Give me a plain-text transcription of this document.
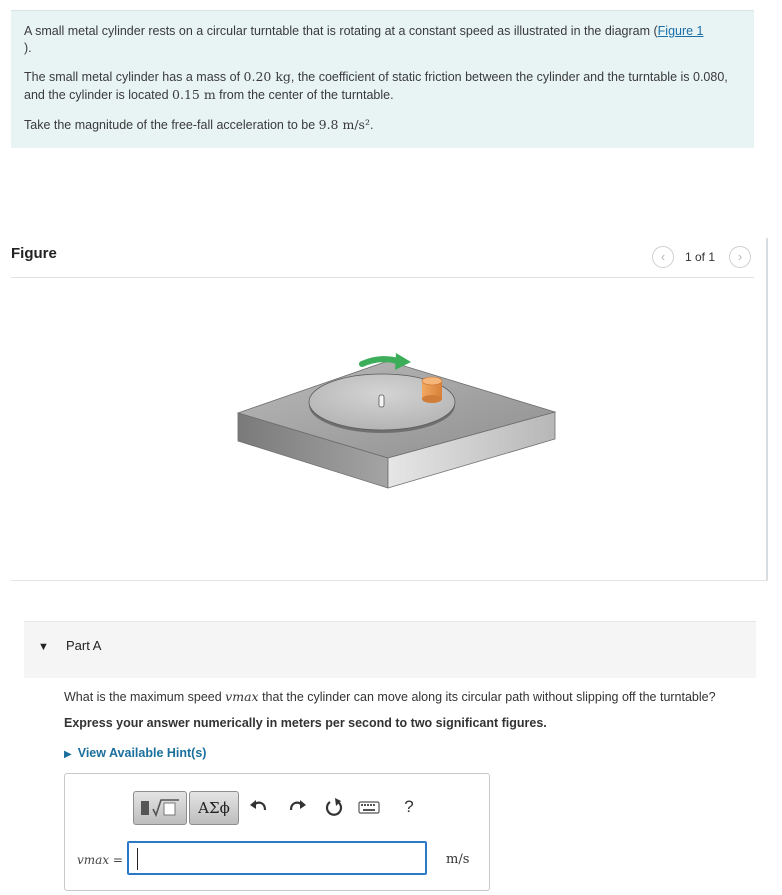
A small metal cylinder rests on a circular turntable that is rotating at a constant speed as illustrated in the diagram (Figure 1
).

The small metal cylinder has a mass of 0.20 kg, the coefficient of static friction between the cylinder and the turntable is 0.080, and the cylinder is located 0.15 m from the center of the turntable.

Take the magnitude of the free-fall acceleration to be 9.8 m/s².

Figure	‹	1 of 1	›
▼ Part A
What is the maximum speed vmax that the cylinder can move along its circular path without slipping off the turntable?
Express your answer numerically in meters per second to two significant figures.
▶ View Available Hint(s)
ΑΣϕ	?
vmax =	m/s
